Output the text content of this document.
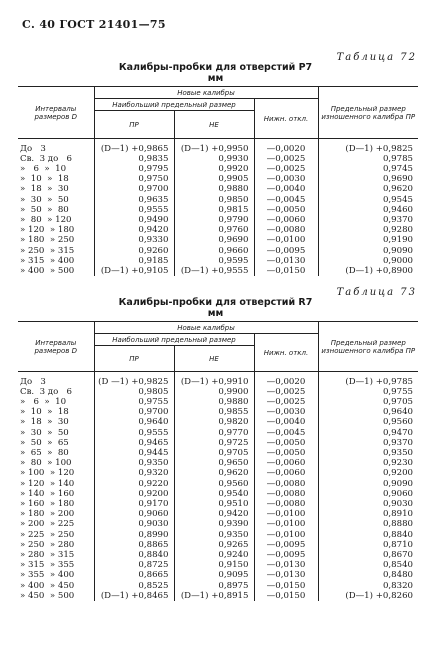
С. 40 ГОСТ 21401—75
Таблица 72
Калибры-пробки для отверстий P7
мм
Интервалы размеров D	Новые калибры			Предельный размер изношенного калибра ПР
	Наибольший предельный размер		Нижн. откл.	
	ПР	НЕ		

До   3	(D—1) +0,9865	(D—1) +0,9950	—0,0020	(D—1) +0,9825
Св.  3 до   6	0,9835	0,9930	—0,0025	0,9785
»   6  »  10	0,9795	0,9920	—0,0025	0,9745
»  10  »  18	0,9750	0,9905	—0,0030	0,9690
»  18  »  30	0,9700	0,9880	—0,0040	0,9620
»  30  »  50	0,9635	0,9850	—0,0045	0,9545
»  50  »  80	0,9555	0,9815	—0,0050	0,9460
»  80  » 120	0,9490	0,9790	—0,0060	0,9370
» 120  » 180	0,9420	0,9760	—0,0080	0,9280
» 180  » 250	0,9330	0,9690	—0,0100	0,9190
» 250  » 315	0,9260	0,9660	—0,0095	0,9090
» 315  » 400	0,9185	0,9595	—0,0130	0,9000
» 400  » 500	(D—1) +0,9105	(D—1) +0,9555	—0,0150	(D—1) +0,8900
Таблица 73
Калибры-пробки для отверстий R7
мм
Интервалы размеров D	Новые калибры			Предельный размер изношенного калибра ПР
	Наибольший предельный размер		Нижн. откл.	
	ПР	НЕ		

До   3	(D —1) +0,9825	(D—1) +0,9910	—0,0020	(D—1) +0,9785
Св.  3 до   6	0,9805	0,9900	—0,0025	0,9755
»   6  »  10	0,9755	0,9880	—0,0025	0,9705
»  10  »  18	0,9700	0,9855	—0,0030	0,9640
»  18  »  30	0,9640	0,9820	—0,0040	0,9560
»  30  »  50	0,9555	0,9770	—0,0045	0,9470
»  50  »  65	0,9465	0,9725	—0,0050	0,9370
»  65  »  80	0,9445	0,9705	—0,0050	0,9350
»  80  » 100	0,9350	0,9650	—0,0060	0,9230
» 100  » 120	0,9320	0,9620	—0,0060	0,9200
» 120  » 140	0,9220	0,9560	—0,0080	0,9090
» 140  » 160	0,9200	0,9540	—0,0080	0,9060
» 160  » 180	0,9170	0,9510	—0,0080	0,9030
» 180  » 200	0,9060	0,9420	—0,0100	0,8910
» 200  » 225	0,9030	0,9390	—0,0100	0,8880
» 225  » 250	0,8990	0,9350	—0,0100	0,8840
» 250  » 280	0,8865	0,9265	—0,0095	0,8710
» 280  » 315	0,8840	0,9240	—0,0095	0,8670
» 315  » 355	0,8725	0,9150	—0,0130	0,8540
» 355  » 400	0,8665	0,9095	—0,0130	0,8480
» 400  » 450	0,8525	0,8975	—0,0150	0,8320
» 450  » 500	(D—1) +0,8465	(D—1) +0,8915	—0,0150	(D—1) +0,8260
